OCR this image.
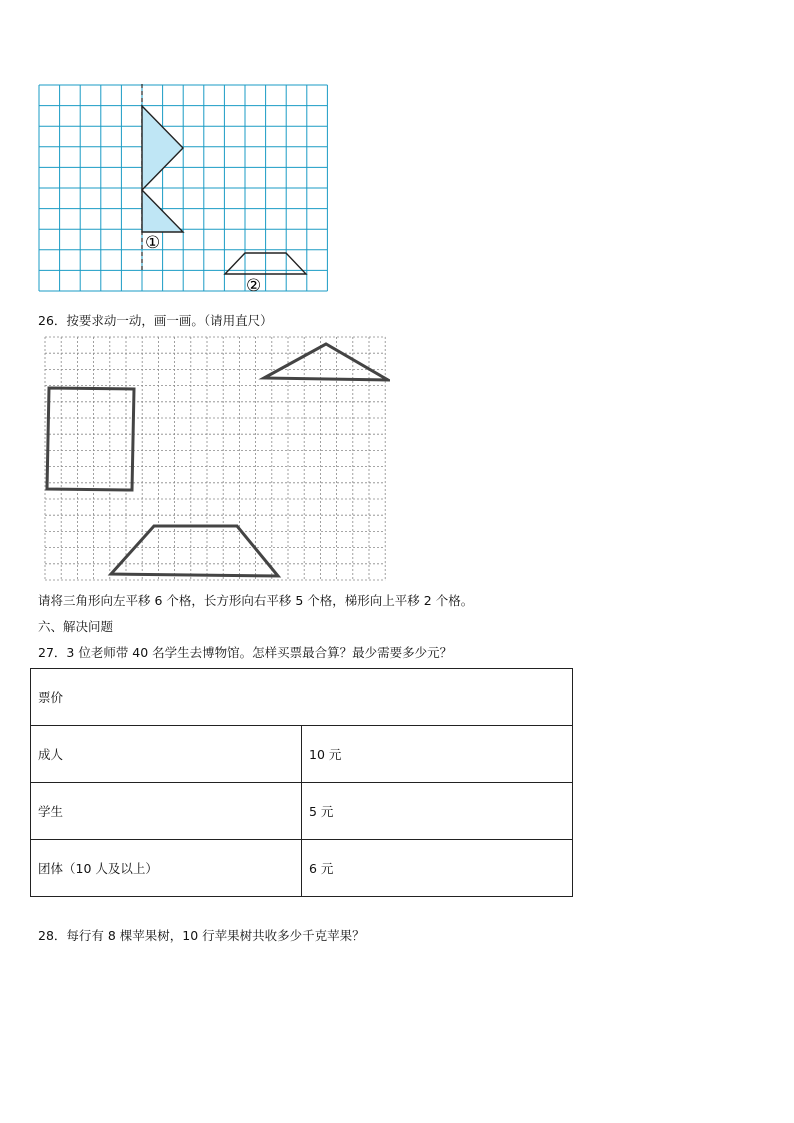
①
②
26．按要求动一动，画一画。（请用直尺）
请将三角形向左平移 6 个格，长方形向右平移 5 个格，梯形向上平移 2 个格。
六、解决问题
27．3 位老师带 40 名学生去博物馆。怎样买票最合算？最少需要多少元？
票价	
成人	10 元
学生	5 元
团体（10 人及以上）	6 元
28．每行有 8 棵苹果树，10 行苹果树共收多少千克苹果？
